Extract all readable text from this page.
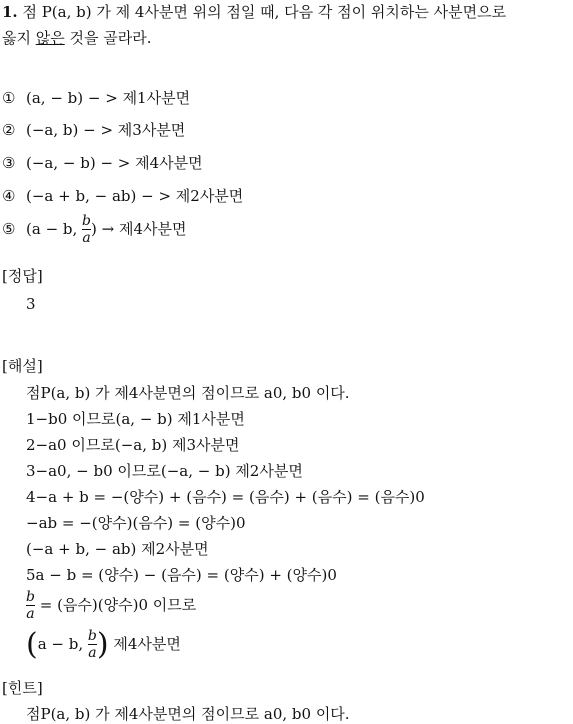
1. 점 P(a, b) 가 제 4사분면 위의 점일 때, 다음 각 점이 위치하는 사분면으로
옳지 않은 것을 골라라.
① (a, − b) − > 제1사분면
② (−a, b) − > 제3사분면
③ (−a, − b) − > 제4사분면
④ (−a + b, − ab) − > 제2사분면
⑤ (a − b, $\frac{b}{a}$ ) → 제4사분면
[정답]
3
[해설]
점P(a, b) 가 제4사분면의 점이므로 a0, b0 이다.
1−b0 이므로(a, − b) 제1사분면
2−a0 이므로(−a, b) 제3사분면
3−a0, − b0 이므로(−a, − b) 제2사분면
4−a + b = −(양수) + (음수) = (음수) + (음수) = (음수)0
−ab = −(양수)(음수) = (양수)0
(−a + b, − ab) 제2사분면
5a − b = (양수) − (음수) = (양수) + (양수)0
$\frac{b}{a}$ = (음수)(양수)0 이므로
(a − b, $\frac{b}{a}$ ) 제4사분면
[힌트]
점P(a, b) 가 제4사분면의 점이므로 a0, b0 이다.
